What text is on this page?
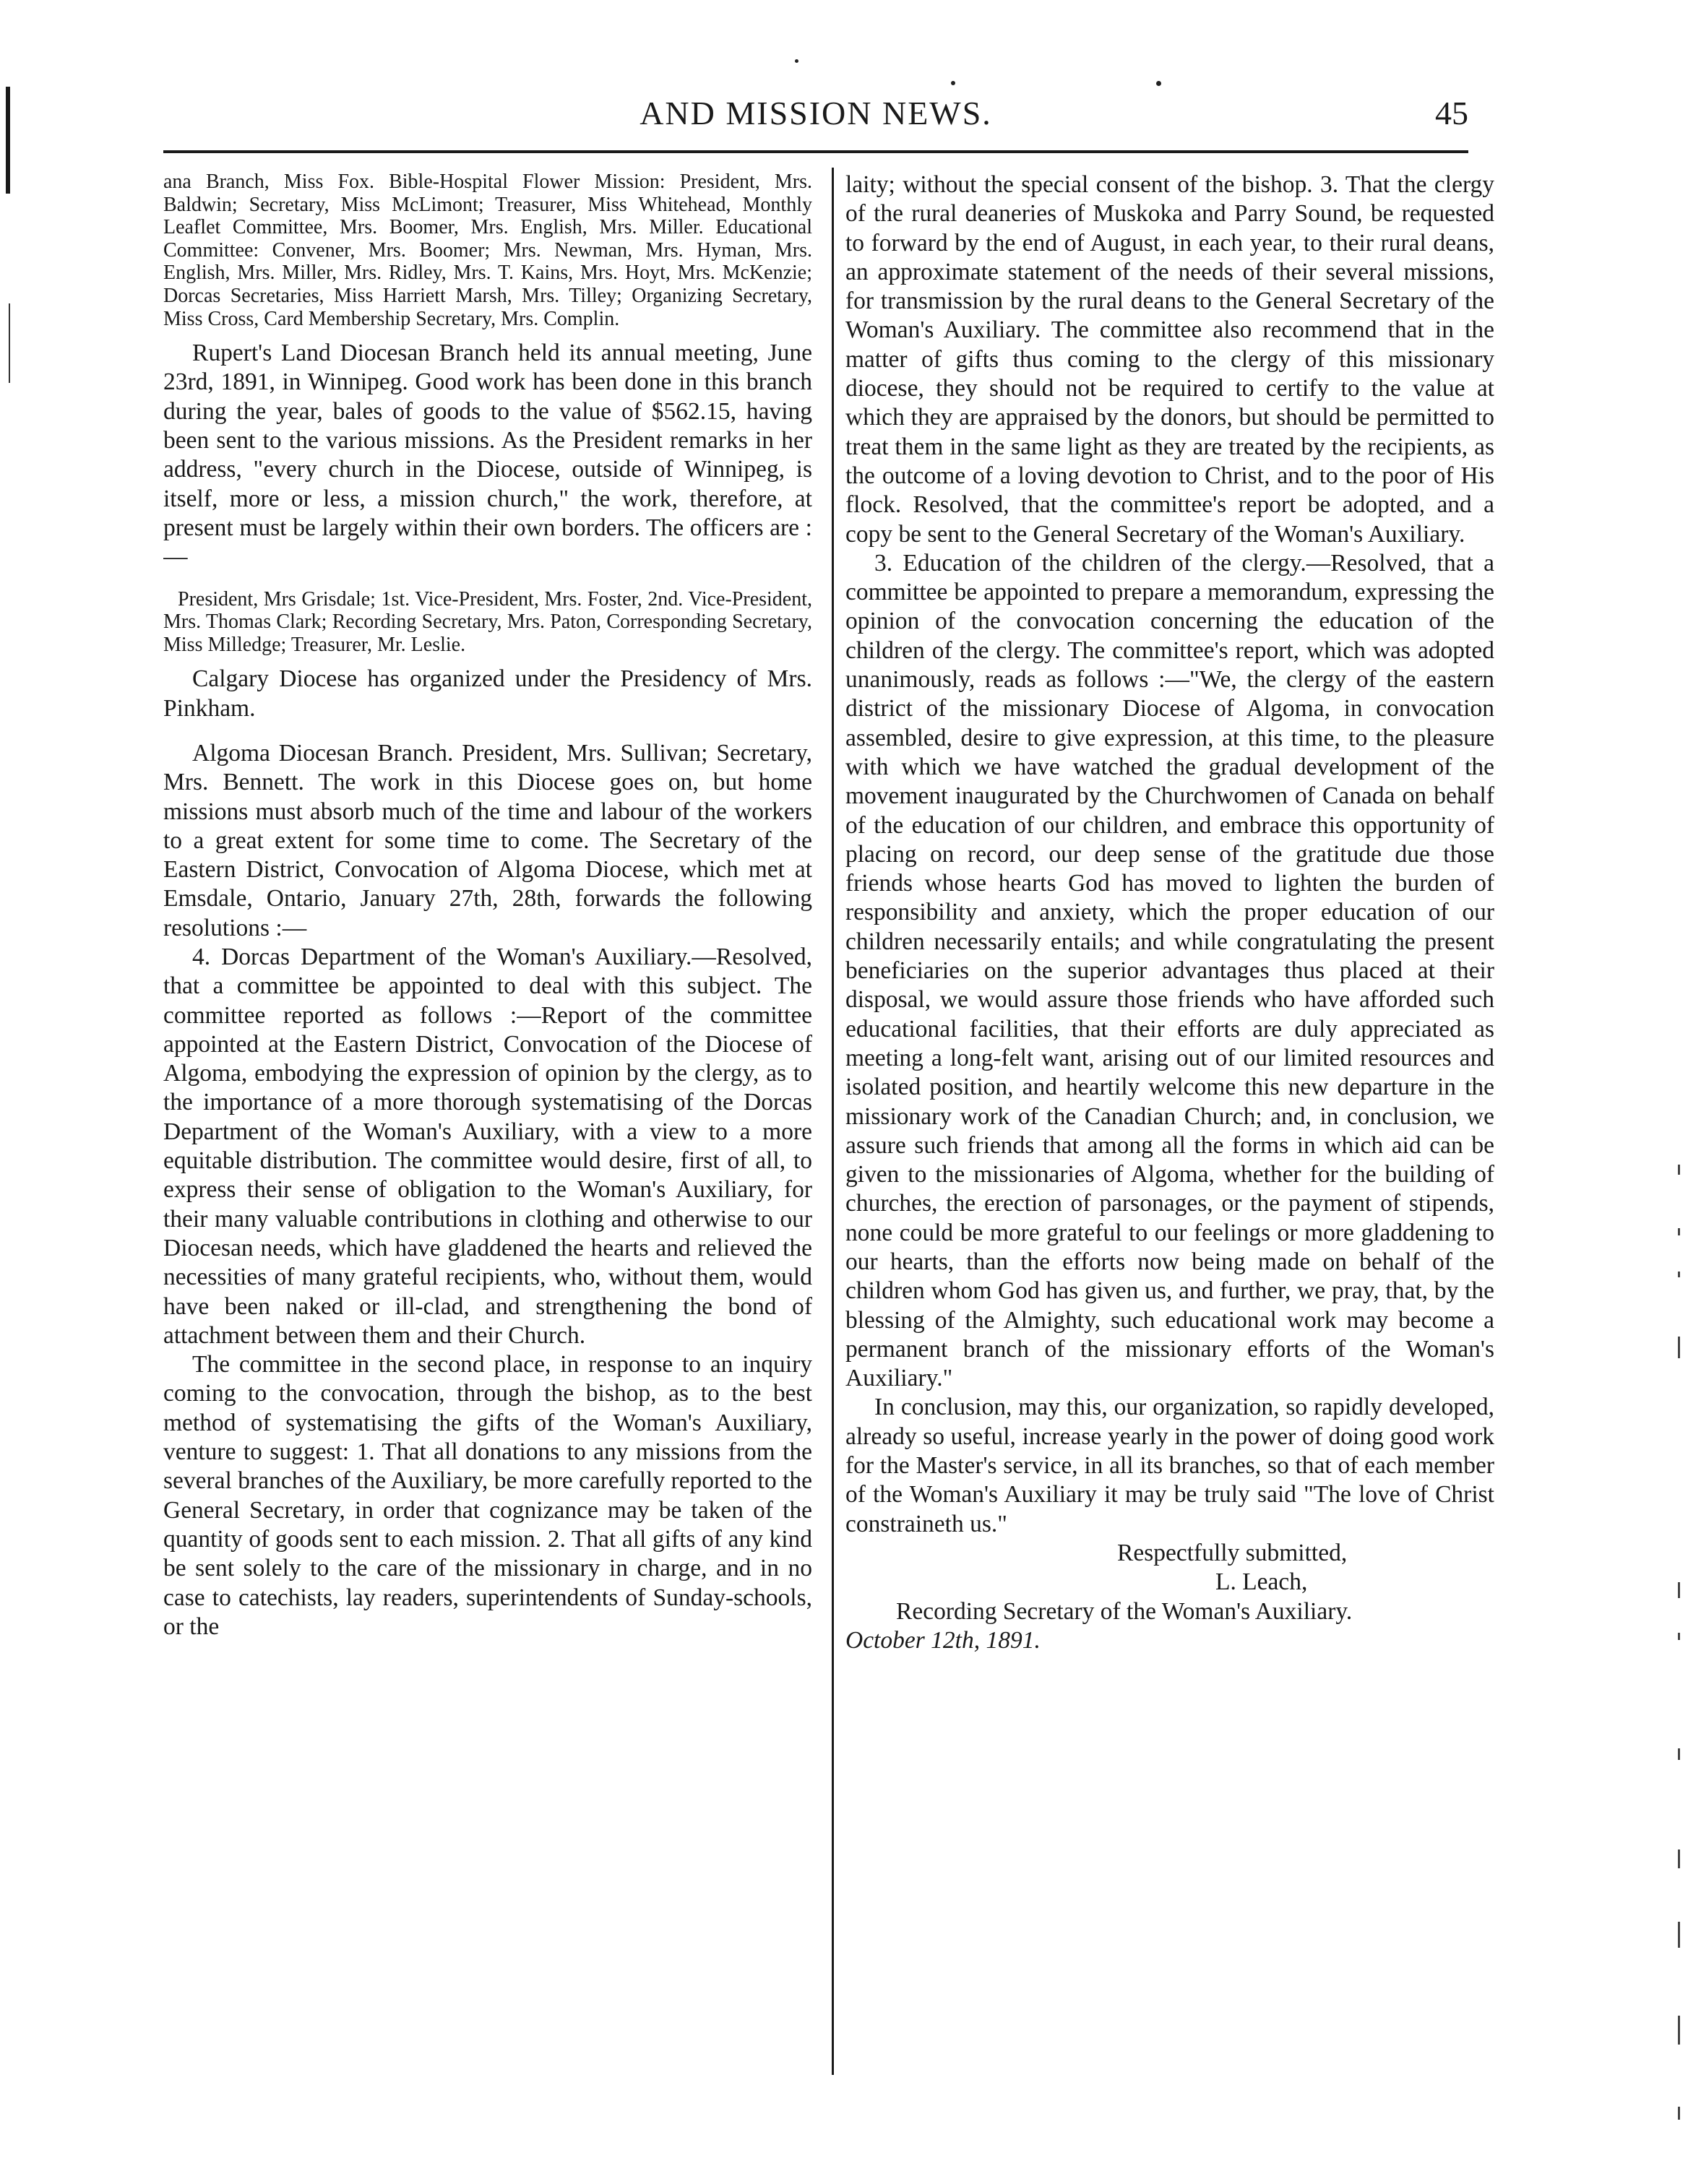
AND MISSION NEWS.	45

ana Branch, Miss Fox. Bible-Hospital Flower Mission: President, Mrs. Baldwin; Secretary, Miss McLimont; Treasurer, Miss Whitehead, Monthly Leaflet Committee, Mrs. Boomer, Mrs. English, Mrs. Miller. Educational Committee: Convener, Mrs. Boomer; Mrs. Newman, Mrs. Hyman, Mrs. English, Mrs. Miller, Mrs. Ridley, Mrs. T. Kains, Mrs. Hoyt, Mrs. McKenzie; Dorcas Secretaries, Miss Harriett Marsh, Mrs. Tilley; Organizing Secretary, Miss Cross, Card Membership Secretary, Mrs. Complin.

Rupert's Land Diocesan Branch held its annual meeting, June 23rd, 1891, in Winnipeg. Good work has been done in this branch during the year, bales of goods to the value of $562.15, having been sent to the various missions. As the President remarks in her address, "every church in the Diocese, outside of Winnipeg, is itself, more or less, a mission church," the work, therefore, at present must be largely within their own borders. The officers are :—

President, Mrs Grisdale; 1st. Vice-President, Mrs. Foster, 2nd. Vice-President, Mrs. Thomas Clark; Recording Secretary, Mrs. Paton, Corresponding Secretary, Miss Milledge; Treasurer, Mr. Leslie.

Calgary Diocese has organized under the Presidency of Mrs. Pinkham.

Algoma Diocesan Branch. President, Mrs. Sullivan; Secretary, Mrs. Bennett. The work in this Diocese goes on, but home missions must absorb much of the time and labour of the workers to a great extent for some time to come. The Secretary of the Eastern District, Convocation of Algoma Diocese, which met at Emsdale, Ontario, January 27th, 28th, forwards the following resolutions :—

4. Dorcas Department of the Woman's Auxiliary.—Resolved, that a committee be appointed to deal with this subject. The committee reported as follows :—Report of the committee appointed at the Eastern District, Convocation of the Diocese of Algoma, embodying the expression of opinion by the clergy, as to the importance of a more thorough systematising of the Dorcas Department of the Woman's Auxiliary, with a view to a more equitable distribution. The committee would desire, first of all, to express their sense of obligation to the Woman's Auxiliary, for their many valuable contributions in clothing and otherwise to our Diocesan needs, which have gladdened the hearts and relieved the necessities of many grateful recipients, who, without them, would have been naked or ill-clad, and strengthening the bond of attachment between them and their Church.

The committee in the second place, in response to an inquiry coming to the convocation, through the bishop, as to the best method of systematising the gifts of the Woman's Auxiliary, venture to suggest: 1. That all donations to any missions from the several branches of the Auxiliary, be more carefully reported to the General Secretary, in order that cognizance may be taken of the quantity of goods sent to each mission. 2. That all gifts of any kind be sent solely to the care of the missionary in charge, and in no case to catechists, lay readers, superintendents of Sunday-schools, or the

laity; without the special consent of the bishop. 3. That the clergy of the rural deaneries of Muskoka and Parry Sound, be requested to forward by the end of August, in each year, to their rural deans, an approximate statement of the needs of their several missions, for transmission by the rural deans to the General Secretary of the Woman's Auxiliary. The committee also recommend that in the matter of gifts thus coming to the clergy of this missionary diocese, they should not be required to certify to the value at which they are appraised by the donors, but should be permitted to treat them in the same light as they are treated by the recipients, as the outcome of a loving devotion to Christ, and to the poor of His flock. Resolved, that the committee's report be adopted, and a copy be sent to the General Secretary of the Woman's Auxiliary.

3. Education of the children of the clergy.—Resolved, that a committee be appointed to prepare a memorandum, expressing the opinion of the convocation concerning the education of the children of the clergy. The committee's report, which was adopted unanimously, reads as follows :—"We, the clergy of the eastern district of the missionary Diocese of Algoma, in convocation assembled, desire to give expression, at this time, to the pleasure with which we have watched the gradual development of the movement inaugurated by the Churchwomen of Canada on behalf of the education of our children, and embrace this opportunity of placing on record, our deep sense of the gratitude due those friends whose hearts God has moved to lighten the burden of responsibility and anxiety, which the proper education of our children necessarily entails; and while congratulating the present beneficiaries on the superior advantages thus placed at their disposal, we would assure those friends who have afforded such educational facilities, that their efforts are duly appreciated as meeting a long-felt want, arising out of our limited resources and isolated position, and heartily welcome this new departure in the missionary work of the Canadian Church; and, in conclusion, we assure such friends that among all the forms in which aid can be given to the missionaries of Algoma, whether for the building of churches, the erection of parsonages, or the payment of stipends, none could be more grateful to our feelings or more gladdening to our hearts, than the efforts now being made on behalf of the children whom God has given us, and further, we pray, that, by the blessing of the Almighty, such educational work may become a permanent branch of the missionary efforts of the Woman's Auxiliary."

In conclusion, may this, our organization, so rapidly developed, already so useful, increase yearly in the power of doing good work for the Master's service, in all its branches, so that of each member of the Woman's Auxiliary it may be truly said "The love of Christ constraineth us."

Respectfully submitted,
L. Leach,
Recording Secretary of the Woman's Auxiliary.
October 12th, 1891.
